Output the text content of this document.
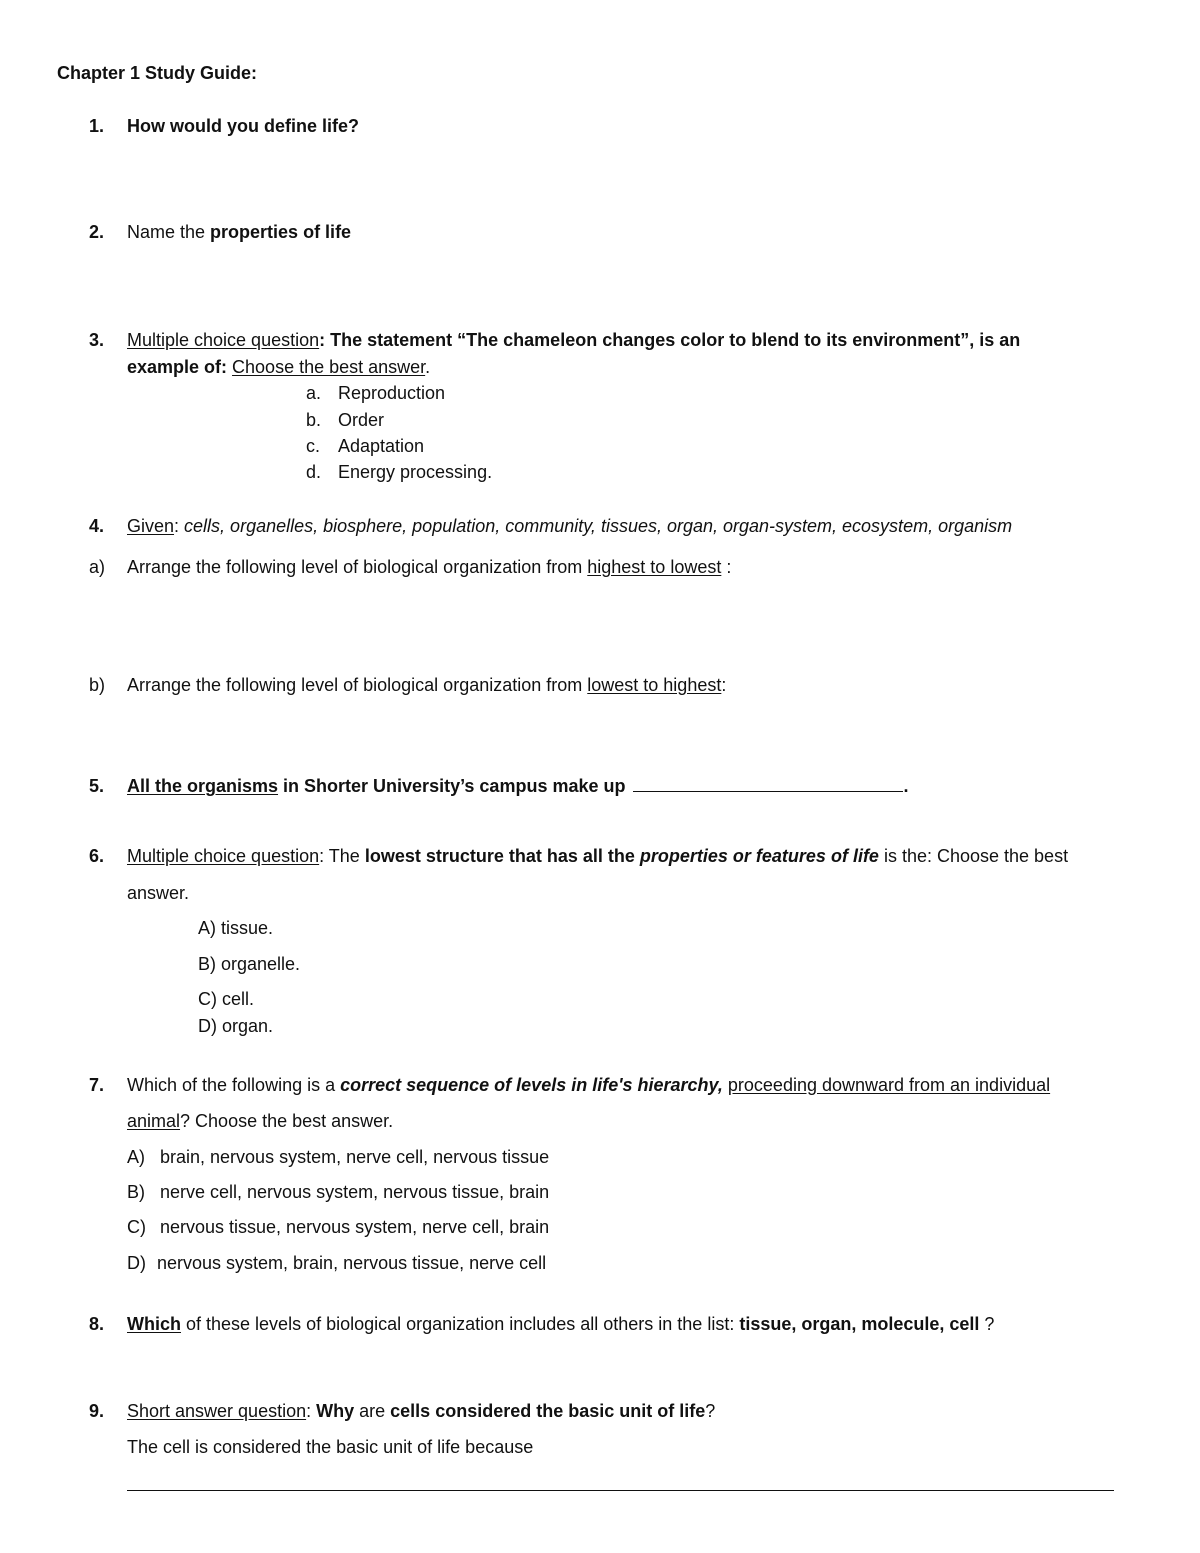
Chapter 1 Study Guide:
1. How would you define life?
2. Name the properties of life
3. Multiple choice question: The statement “The chameleon changes color to blend to its environment”, is an
example of: Choose the best answer.
a. Reproduction
b. Order
c. Adaptation
d. Energy processing.
4. Given: cells, organelles, biosphere, population, community, tissues, organ, organ-system, ecosystem, organism
a) Arrange the following level of biological organization from highest to lowest :
b) Arrange the following level of biological organization from lowest to highest:
5. All the organisms in Shorter University’s campus make up	.
6. Multiple choice question: The lowest structure that has all the properties or features of life is the: Choose the best
answer.
A) tissue.
B) organelle.
C) cell.
D) organ.
7. Which of the following is a correct sequence of levels in life's hierarchy, proceeding downward from an individual
animal? Choose the best answer.
A) brain, nervous system, nerve cell, nervous tissue
B) nerve cell, nervous system, nervous tissue, brain
C) nervous tissue, nervous system, nerve cell, brain
D) nervous system, brain, nervous tissue, nerve cell
8. Which of these levels of biological organization includes all others in the list: tissue, organ, molecule, cell ?
9. Short answer question: Why are cells considered the basic unit of life?
The cell is considered the basic unit of life because
